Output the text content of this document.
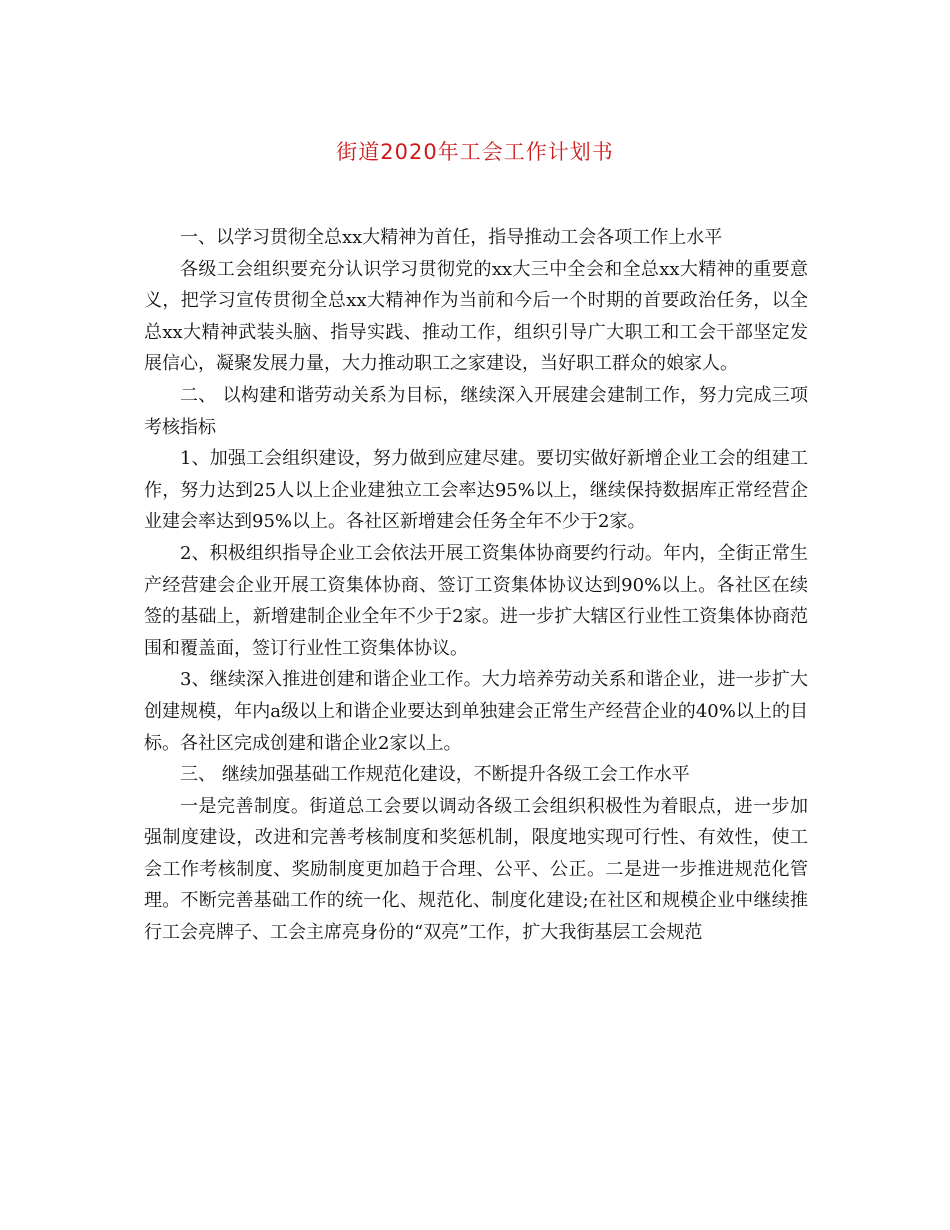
街道2020年工会工作计划书

一、以学习贯彻全总xx大精神为首任，指导推动工会各项工作上水平

各级工会组织要充分认识学习贯彻党的xx大三中全会和全总xx大精神的重要意义，把学习宣传贯彻全总xx大精神作为当前和今后一个时期的首要政治任务，以全总xx大精神武装头脑、指导实践、推动工作，组织引导广大职工和工会干部坚定发展信心，凝聚发展力量，大力推动职工之家建设，当好职工群众的娘家人。

二、 以构建和谐劳动关系为目标，继续深入开展建会建制工作，努力完成三项考核指标

1、加强工会组织建设，努力做到应建尽建。要切实做好新增企业工会的组建工作，努力达到25人以上企业建独立工会率达95%以上，继续保持数据库正常经营企业建会率达到95%以上。各社区新增建会任务全年不少于2家。

2、积极组织指导企业工会依法开展工资集体协商要约行动。年内，全街正常生产经营建会企业开展工资集体协商、签订工资集体协议达到90%以上。各社区在续签的基础上，新增建制企业全年不少于2家。进一步扩大辖区行业性工资集体协商范围和覆盖面，签订行业性工资集体协议。

3、继续深入推进创建和谐企业工作。大力培养劳动关系和谐企业，进一步扩大创建规模，年内a级以上和谐企业要达到单独建会正常生产经营企业的40%以上的目标。各社区完成创建和谐企业2家以上。

三、 继续加强基础工作规范化建设，不断提升各级工会工作水平

一是完善制度。街道总工会要以调动各级工会组织积极性为着眼点，进一步加强制度建设，改进和完善考核制度和奖惩机制，限度地实现可行性、有效性，使工会工作考核制度、奖励制度更加趋于合理、公平、公正。二是进一步推进规范化管理。不断完善基础工作的统一化、规范化、制度化建设;在社区和规模企业中继续推行工会亮牌子、工会主席亮身份的“双亮”工作，扩大我街基层工会规范
